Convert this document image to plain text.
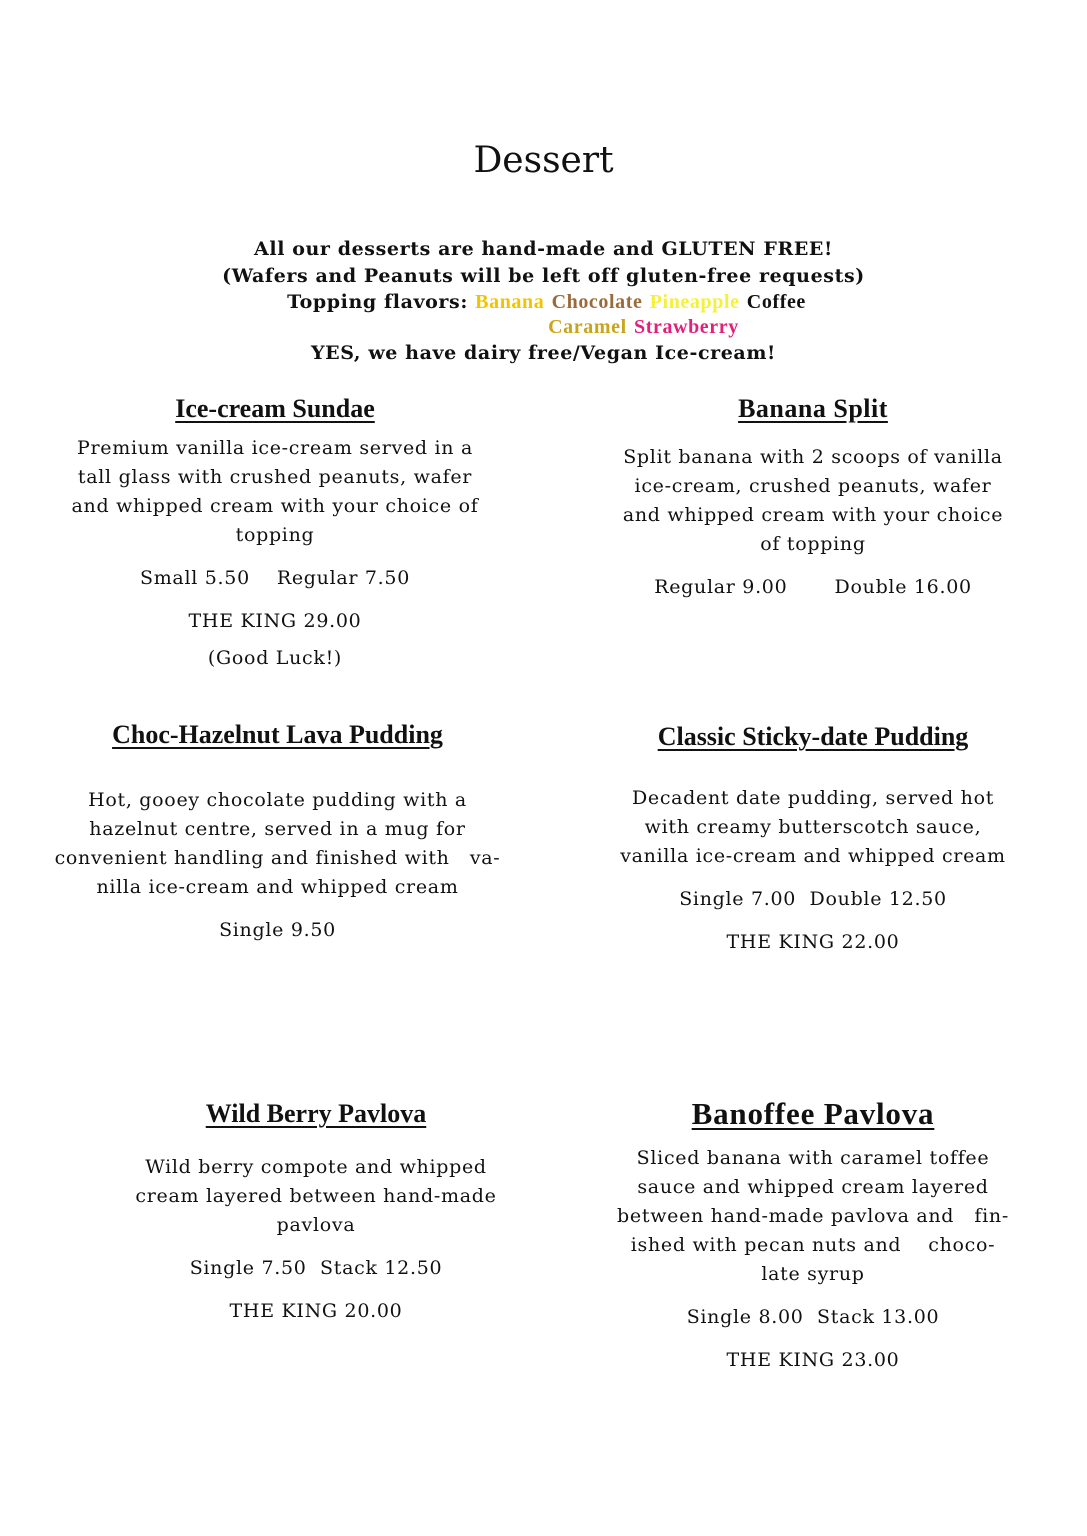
Dessert
All our desserts are hand-made and GLUTEN FREE!
(Wafers and Peanuts will be left off gluten-free requests)
Topping flavors: Banana Chocolate Pineapple Coffee
Caramel Strawberry
YES, we have dairy free/Vegan Ice-cream!
Ice-cream Sundae
Premium vanilla ice-cream served in a
tall glass with crushed peanuts, wafer
and whipped cream with your choice of
topping
Small 5.50    Regular 7.50
THE KING 29.00
(Good Luck!)
Banana Split
Split banana with 2 scoops of vanilla
ice-cream, crushed peanuts, wafer
and whipped cream with your choice
of topping
Regular 9.00       Double 16.00
Choc-Hazelnut Lava Pudding
Hot, gooey chocolate pudding with a
hazelnut centre, served in a mug for
convenient handling and finished with   va-
nilla ice-cream and whipped cream
Single 9.50
Classic Sticky-date Pudding
Decadent date pudding, served hot
with creamy butterscotch sauce,
vanilla ice-cream and whipped cream
Single 7.00  Double 12.50
THE KING 22.00
Wild Berry Pavlova
Wild berry compote and whipped
cream layered between hand-made
pavlova
Single 7.50  Stack 12.50
THE KING 20.00
Banoffee Pavlova
Sliced banana with caramel toffee
sauce and whipped cream layered
between hand-made pavlova and   fin-
ished with pecan nuts and    choco-
late syrup
Single 8.00  Stack 13.00
THE KING 23.00
